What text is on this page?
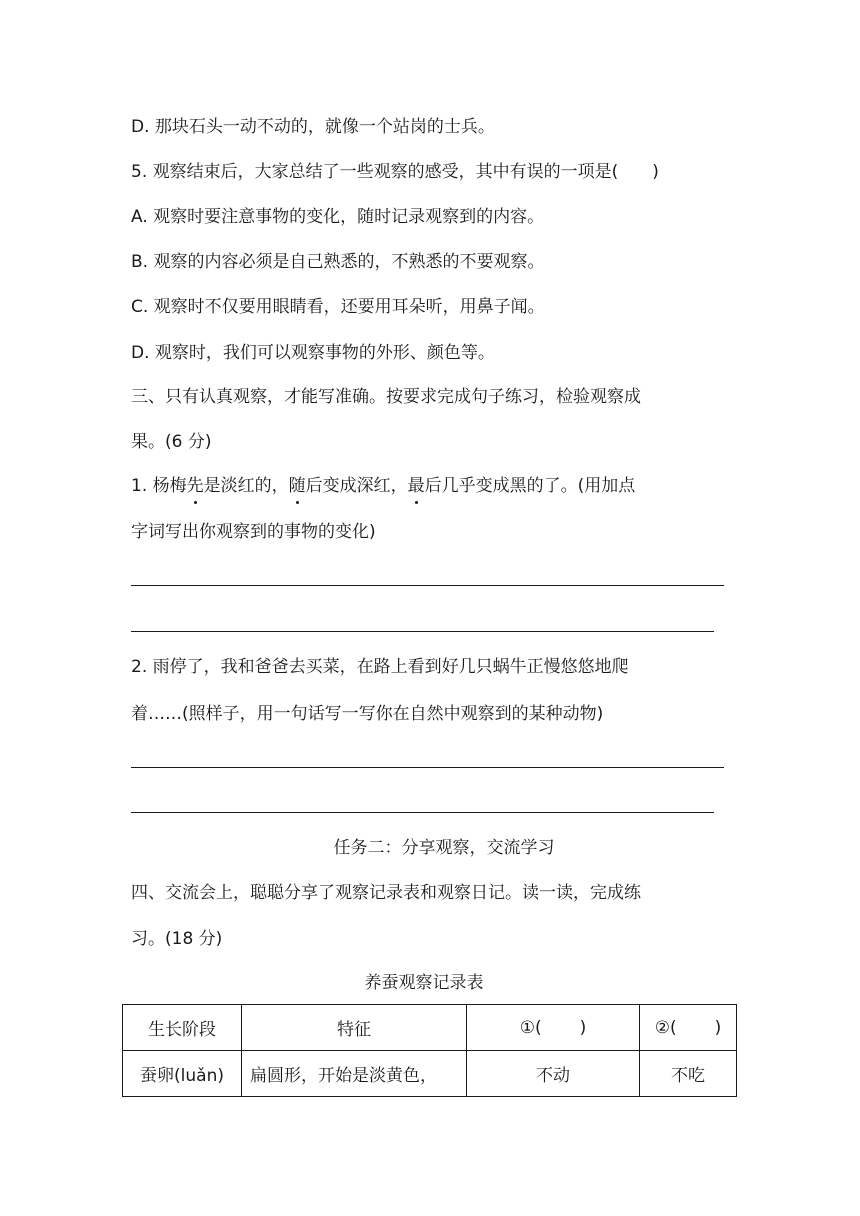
D. 那块石头一动不动的，就像一个站岗的士兵。
5. 观察结束后，大家总结了一些观察的感受，其中有误的一项是(  )
A. 观察时要注意事物的变化，随时记录观察到的内容。
B. 观察的内容必须是自己熟悉的，不熟悉的不要观察。
C. 观察时不仅要用眼睛看，还要用耳朵听，用鼻子闻。
D. 观察时，我们可以观察事物的外形、颜色等。
三、只有认真观察，才能写准确。按要求完成句子练习，检验观察成
果。(6 分)
1. 杨梅先是淡红的，随后变成深红，最后几乎变成黑的了。(用加点
字词写出你观察到的事物的变化)
2. 雨停了，我和爸爸去买菜，在路上看到好几只蜗牛正慢悠悠地爬
着……(照样子，用一句话写一写你在自然中观察到的某种动物)
任务二：分享观察，交流学习
四、交流会上，聪聪分享了观察记录表和观察日记。读一读，完成练
习。(18 分)
养蚕观察记录表
生长阶段	特征	①( )	②( )
蚕卵(luǎn)	扁圆形，开始是淡黄色，	不动	不吃
